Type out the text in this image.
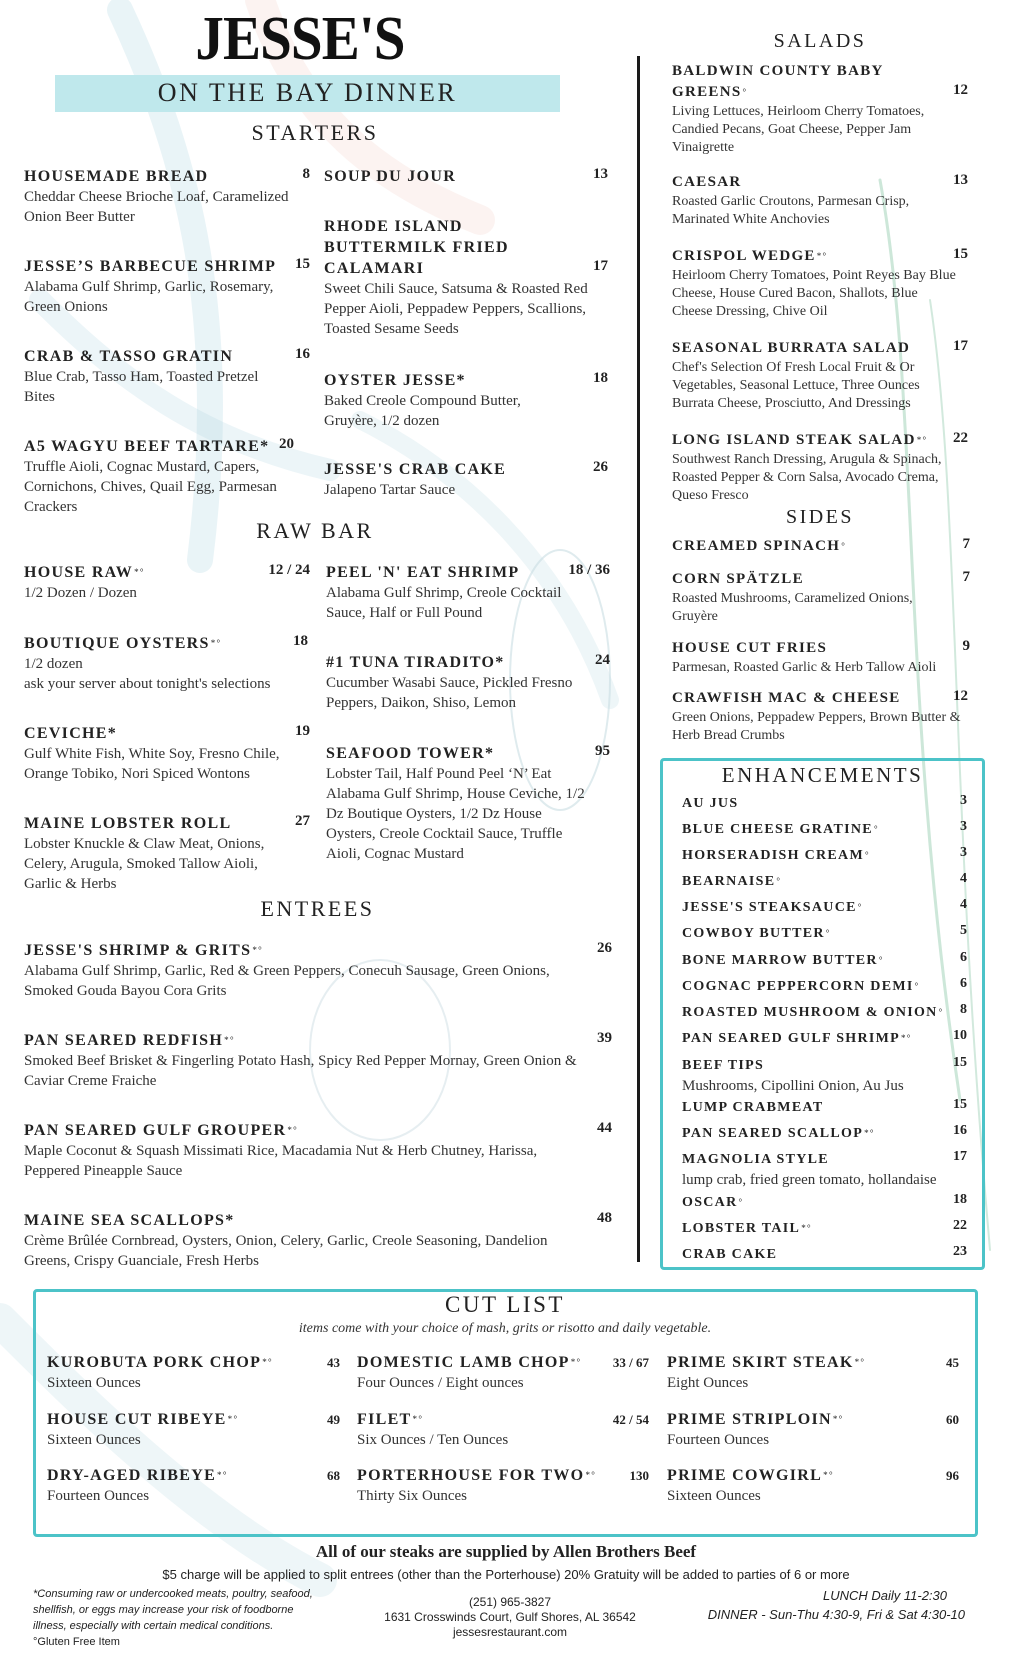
JESSE'S
ON THE BAY DINNER
STARTERS
HOUSEMADE BREAD	8
Cheddar Cheese Brioche Loaf, Caramelized
Onion Beer Butter
JESSE’S BARBECUE SHRIMP	15
Alabama Gulf Shrimp, Garlic, Rosemary,
Green Onions
CRAB & TASSO GRATIN	16
Blue Crab, Tasso Ham, Toasted Pretzel
Bites
A5 WAGYU BEEF TARTARE* 20
Truffle Aioli, Cognac Mustard, Capers,
Cornichons, Chives, Quail Egg, Parmesan
Crackers
SOUP DU JOUR	13
RHODE ISLAND
BUTTERMILK FRIED
CALAMARI	17
Sweet Chili Sauce, Satsuma & Roasted Red
Pepper Aioli, Peppadew Peppers, Scallions,
Toasted Sesame Seeds
OYSTER JESSE*	18
Baked Creole Compound Butter,
Gruyère, 1/2 dozen
JESSE'S CRAB CAKE	26
Jalapeno Tartar Sauce
RAW BAR
HOUSE RAW*°	12 / 24
1/2 Dozen / Dozen
BOUTIQUE OYSTERS*°	18
1/2 dozen
ask your server about tonight's selections
CEVICHE*	19
Gulf White Fish, White Soy, Fresno Chile,
Orange Tobiko, Nori Spiced Wontons
MAINE LOBSTER ROLL	27
Lobster Knuckle & Claw Meat, Onions,
Celery, Arugula, Smoked Tallow Aioli,
Garlic & Herbs
PEEL 'N' EAT SHRIMP	18 / 36
Alabama Gulf Shrimp, Creole Cocktail
Sauce, Half or Full Pound
#1 TUNA TIRADITO*	24
Cucumber Wasabi Sauce, Pickled Fresno
Peppers, Daikon, Shiso, Lemon
SEAFOOD TOWER*	95
Lobster Tail, Half Pound Peel ‘N’ Eat
Alabama Gulf Shrimp, House Ceviche, 1/2
Dz Boutique Oysters, 1/2 Dz House
Oysters, Creole Cocktail Sauce, Truffle
Aioli, Cognac Mustard
ENTREES
JESSE'S SHRIMP & GRITS*°	26
Alabama Gulf Shrimp, Garlic, Red & Green Peppers, Conecuh Sausage, Green Onions,
Smoked Gouda Bayou Cora Grits
PAN SEARED REDFISH*°	39
Smoked Beef Brisket & Fingerling Potato Hash, Spicy Red Pepper Mornay, Green Onion &
Caviar Creme Fraiche
PAN SEARED GULF GROUPER*°	44
Maple Coconut & Squash Missimati Rice, Macadamia Nut & Herb Chutney, Harissa,
Peppered Pineapple Sauce
MAINE SEA SCALLOPS*	48
Crème Brûlée Cornbread, Oysters, Onion, Celery, Garlic, Creole Seasoning, Dandelion
Greens, Crispy Guanciale, Fresh Herbs
SALADS
BALDWIN COUNTY BABY
GREENS°	12
Living Lettuces, Heirloom Cherry Tomatoes,
Candied Pecans, Goat Cheese, Pepper Jam
Vinaigrette
CAESAR	13
Roasted Garlic Croutons, Parmesan Crisp,
Marinated White Anchovies
CRISPOL WEDGE*°	15
Heirloom Cherry Tomatoes, Point Reyes Bay Blue
Cheese, House Cured Bacon, Shallots, Blue
Cheese Dressing, Chive Oil
SEASONAL BURRATA SALAD	17
Chef's Selection Of Fresh Local Fruit & Or
Vegetables, Seasonal Lettuce, Three Ounces
Burrata Cheese, Prosciutto, And Dressings
LONG ISLAND STEAK SALAD*°	22
Southwest Ranch Dressing, Arugula & Spinach,
Roasted Pepper & Corn Salsa, Avocado Crema,
Queso Fresco
SIDES
CREAMED SPINACH°	7
CORN SPÄTZLE	7
Roasted Mushrooms, Caramelized Onions,
Gruyère
HOUSE CUT FRIES	9
Parmesan, Roasted Garlic & Herb Tallow Aioli
CRAWFISH MAC & CHEESE	12
Green Onions, Peppadew Peppers, Brown Butter &
Herb Bread Crumbs
ENHANCEMENTS
AU JUS	3
BLUE CHEESE GRATINE°	3
HORSERADISH CREAM°	3
BEARNAISE°	4
JESSE'S STEAKSAUCE°	4
COWBOY BUTTER°	5
BONE MARROW BUTTER°	6
COGNAC PEPPERCORN DEMI°	6
ROASTED MUSHROOM & ONION°	8
PAN SEARED GULF SHRIMP*°	10
BEEF TIPS	15
Mushrooms, Cipollini Onion, Au Jus
LUMP CRABMEAT	15
PAN SEARED SCALLOP*°	16
MAGNOLIA STYLE	17
lump crab, fried green tomato, hollandaise
OSCAR°	18
LOBSTER TAIL*°	22
CRAB CAKE	23
CUT LIST
items come with your choice of mash, grits or risotto and daily vegetable.
KUROBUTA PORK CHOP*°	43
Sixteen Ounces
DOMESTIC LAMB CHOP*°	33 / 67
Four Ounces / Eight ounces
PRIME SKIRT STEAK*°	45
Eight Ounces
HOUSE CUT RIBEYE*°	49
Sixteen Ounces
FILET*°	42 / 54
Six Ounces / Ten Ounces
PRIME STRIPLOIN*°	60
Fourteen Ounces
DRY-AGED RIBEYE*°	68
Fourteen Ounces
PORTERHOUSE FOR TWO*°	130
Thirty Six Ounces
PRIME COWGIRL*°	96
Sixteen Ounces
All of our steaks are supplied by Allen Brothers Beef
$5 charge will be applied to split entrees (other than the Porterhouse) 20% Gratuity will be added to parties of 6 or more
*Consuming raw or undercooked meats, poultry, seafood,
shellfish, or eggs may increase your risk of foodborne
illness, especially with certain medical conditions.
°Gluten Free Item
(251) 965-3827
1631 Crosswinds Court, Gulf Shores, AL 36542
jessesrestaurant.com
LUNCH Daily 11-2:30
DINNER - Sun-Thu 4:30-9, Fri & Sat 4:30-10
